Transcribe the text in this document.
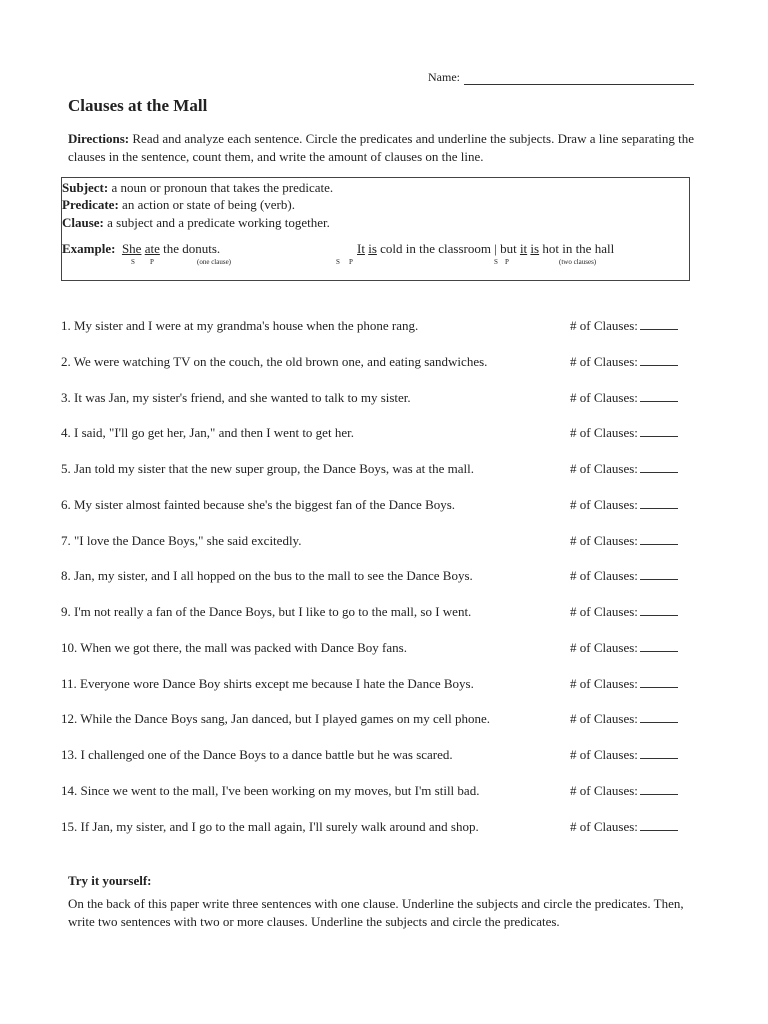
Name:
Clauses at the Mall
Directions: Read and analyze each sentence. Circle the predicates and underline the subjects. Draw a line separating the clauses in the sentence, count them, and write the amount of clauses on the line.
Subject: a noun or pronoun that takes the predicate.
Predicate: an action or state of being (verb).
Clause: a subject and a predicate working together.
Example: She ate the donuts.	It is cold in the classroom | but it is hot in the hall
S P	(one clause)	S P	S P	(two clauses)
1. My sister and I were at my grandma's house when the phone rang.	# of Clauses:
2. We were watching TV on the couch, the old brown one, and eating sandwiches.	# of Clauses:
3. It was Jan, my sister's friend, and she wanted to talk to my sister.	# of Clauses:
4. I said, "I'll go get her, Jan," and then I went to get her.	# of Clauses:
5. Jan told my sister that the new super group, the Dance Boys, was at the mall.	# of Clauses:
6. My sister almost fainted because she's the biggest fan of the Dance Boys.	# of Clauses:
7. "I love the Dance Boys," she said excitedly.	# of Clauses:
8. Jan, my sister, and I all hopped on the bus to the mall to see the Dance Boys.	# of Clauses:
9. I'm not really a fan of the Dance Boys, but I like to go to the mall, so I went.	# of Clauses:
10. When we got there, the mall was packed with Dance Boy fans.	# of Clauses:
11. Everyone wore Dance Boy shirts except me because I hate the Dance Boys.	# of Clauses:
12. While the Dance Boys sang, Jan danced, but I played games on my cell phone.	# of Clauses:
13. I challenged one of the Dance Boys to a dance battle but he was scared.	# of Clauses:
14. Since we went to the mall, I've been working on my moves, but I'm still bad.	# of Clauses:
15. If Jan, my sister, and I go to the mall again, I'll surely walk around and shop.	# of Clauses:
Try it yourself:
On the back of this paper write three sentences with one clause. Underline the subjects and circle the predicates. Then, write two sentences with two or more clauses. Underline the subjects and circle the predicates.
